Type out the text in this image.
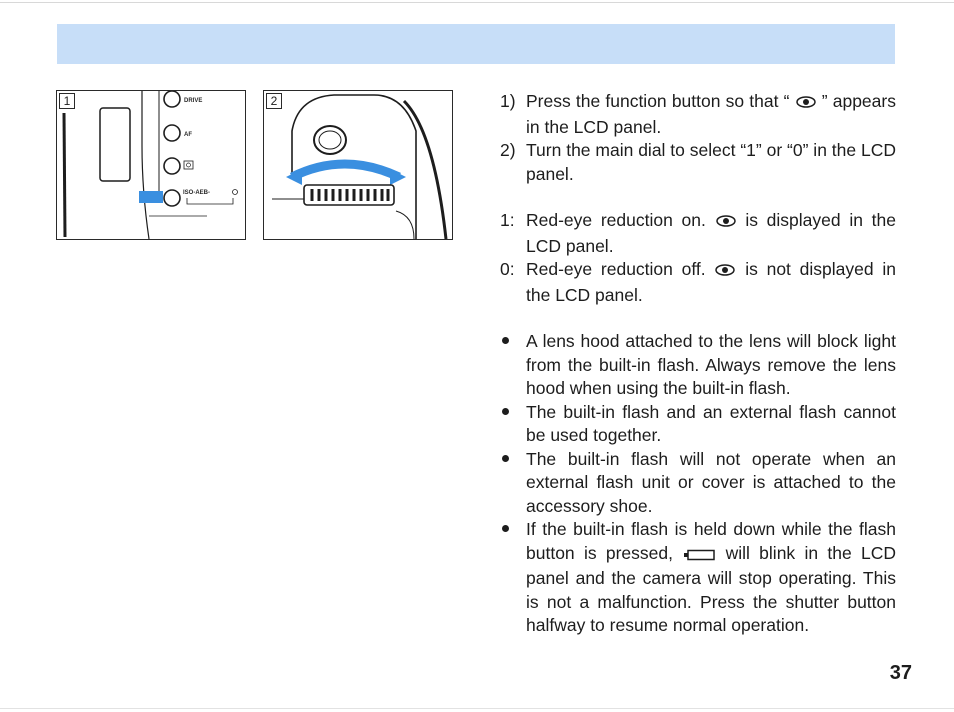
DRIVE
AF
ISO-AEB-
1	2	1) Press the function button so that “ ” appears in the LCD panel.
2) Turn the main dial to select “1” or “0” in the LCD panel.
1: Red-eye reduction on. is displayed in the LCD panel.
0: Red-eye reduction off. is not displayed in the LCD panel.
A lens hood attached to the lens will block light from the built-in flash. Always remove the lens hood when using the built-in flash.
The built-in flash and an external flash cannot be used together.
The built-in flash will not operate when an external flash unit or cover is attached to the accessory shoe.
If the built-in flash is held down while the flash button is pressed,	will blink in the LCD panel and the camera will stop operating. This is not a malfunction. Press the shutter button halfway to resume normal operation.
37
